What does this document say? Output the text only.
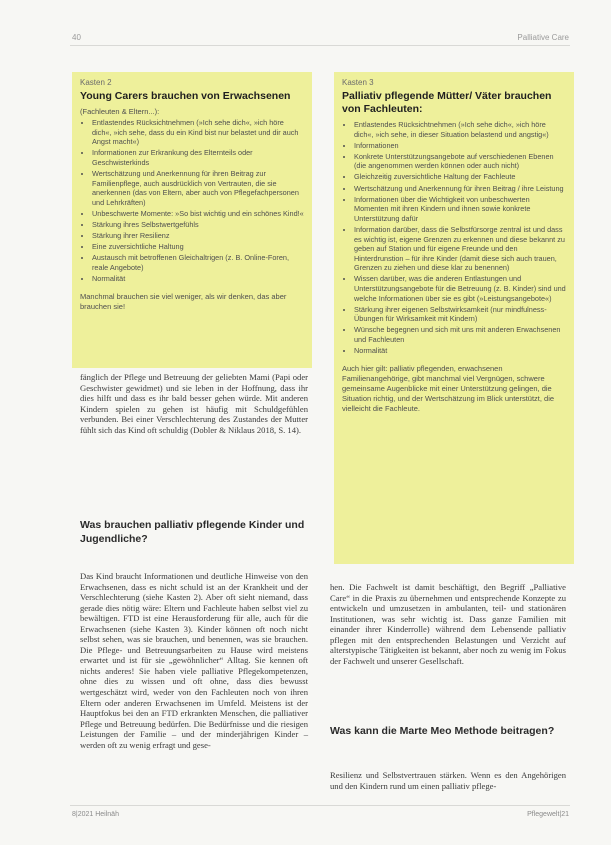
40	Palliative Care
Kasten 2
Young Carers brauchen von Erwachsenen
(Fachleuten & Eltern...):
• Entlastendes Rücksichtnehmen (»Ich sehe dich«, »ich höre dich«, »ich sehe, dass du ein Kind bist nur belastet und dir auch Angst macht«)
• Informationen zur Erkrankung des Elternteils oder Geschwisterkinds
• Wertschätzung und Anerkennung für ihren Beitrag zur Familienpflege, auch ausdrücklich von Vertrauten, die sie anerkennen (das von Eltern, aber auch von Pflegefachpersonen und Lehrkräften)
• Unbeschwerte Momente: »So bist wichtig und ein schönes Kind!«
• Stärkung ihres Selbstwertgefühls
• Stärkung ihrer Resilienz
• Eine zuversichtliche Haltung
• Austausch mit betroffenen Gleichaltrigen (z. B. Online-Foren, reale Angebote)
• Normalität
Manchmal brauchen sie viel weniger, als wir denken, das aber brauchen sie!
Kasten 3
Palliativ pflegende Mütter/ Väter brauchen von Fachleuten:
• Entlastendes Rücksichtnehmen (»Ich sehe dich«, »ich höre dich«, »ich sehe, in dieser Situation belastend und angstig«)
• Informationen
• Konkrete Unterstützungsangebote auf verschiedenen Ebenen (die angenommen werden können oder auch nicht)
• Gleichzeitig zuversichtliche Haltung der Fachleute
• Wertschätzung und Anerkennung für ihren Beitrag / ihre Leistung
• Informationen über die Wichtigkeit von unbeschwerten Momenten mit ihren Kindern und ihnen sowie konkrete Unterstützung dafür
• Information darüber, dass die Selbstfürsorge zentral ist und dass es wichtig ist, eigene Grenzen zu erkennen und diese bekannt zu geben auf Station und für eigene Freunde und den Hinterdrunstion – für ihre Kinder (damit diese sich auch trauen, Grenzen zu ziehen und diese klar zu benennen)
• Wissen darüber, was die anderen Entlastungen und Unterstützungsangebote für die Betreuung (z. B. Kinder) sind und welche Informationen über sie es gibt (»Leistungsangebote«)
• Stärkung ihrer eigenen Selbstwirksamkeit (nur mindfulness-Übungen für Wirksamkeit mit Kindern)
• Wünsche begegnen und sich mit uns mit anderen Erwachsenen und Fachleuten
• Normalität
Auch hier gilt: palliativ pflegenden, erwachsenen Familienangehörige, gibt manchmal viel Vergnügen, schwere gemeinsame Augenblicke mit einer Unterstützung gelingen, die Situation richtig, und der Wertschätzung im Blick unterstützt, die vielleicht die Fachleute.
fänglich der Pflege und Betreuung der geliebten Mami (Papi oder Geschwister gewidmet) und sie leben in der Hoffnung, dass ihr dies hilft und dass es ihr bald besser gehen würde. Mit anderen Kindern spielen zu gehen ist häufig mit Schuldgefühlen verbunden. Bei einer Verschlechterung des Zustandes der Mutter fühlt sich das Kind oft schuldig (Dobler & Niklaus 2018, S. 14).
Was brauchen palliativ pflegende Kinder und Jugendliche?
Das Kind braucht Informationen und deutliche Hinweise von den Erwachsenen, dass es nicht schuld ist an der Krankheit und der Verschlechterung (siehe Kasten 2). Aber oft sieht niemand, dass gerade dies nötig wäre: Eltern und Fachleute haben selbst viel zu bewältigen. FTD ist eine Herausforderung für alle, auch für die Erwachsenen (siehe Kasten 3). Kinder können oft noch nicht selbst sehen, was sie brauchen, und benennen, was sie brauchen. Die Pflege- und Betreuungsarbeiten zu Hause wird meistens erwartet und ist für sie „gewöhnlicher“ Alltag. Sie kennen oft nichts anderes! Sie haben viele palliative Pflegekompetenzen, ohne dies zu wissen und oft ohne, dass dies bewusst wertgeschätzt wird, weder von den Fachleuten noch von ihren Eltern oder anderen Erwachsenen im Umfeld. Meistens ist der Hauptfokus bei den an FTD erkrankten Menschen, die palliativer Pflege und Betreuung bedürfen. Die Bedürfnisse und die riesigen Leistungen der Familie – und der minderjährigen Kinder – werden oft zu wenig erfragt und gese-
hen. Die Fachwelt ist damit beschäftigt, den Begriff „Palliative Care“ in die Praxis zu übernehmen und entsprechende Konzepte zu entwickeln und umzusetzen in ambulanten, teil- und stationären Institutionen, was sehr wichtig ist. Dass ganze Familien mit einander ihrer Kinderrolle) während dem Lebensende palliativ pflegen mit den entsprechenden Belastungen und Verzicht auf alterstypische Tätigkeiten ist bekannt, aber noch zu wenig im Fokus der Fachwelt und unserer Gesellschaft.
Was kann die Marte Meo Methode beitragen?
Resilienz und Selbstvertrauen stärken. Wenn es den Angehörigen und den Kindern rund um einen palliativ pflege-
8|2021 Heilnäh	Pflegewelt|21
